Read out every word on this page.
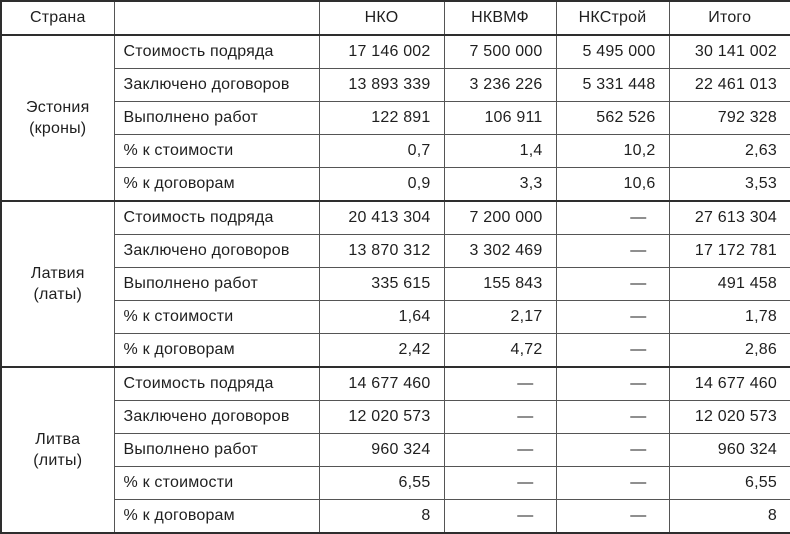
Страна		НКО	НКВМФ	НКСтрой	Итого

Эстония
(кроны)	Стоимость подряда	17 146 002	7 500 000	5 495 000	30 141 002
	Заключено договоров	13 893 339	3 236 226	5 331 448	22 461 013
	Выполнено работ	122 891	106 911	562 526	792 328
	% к стоимости	0,7	1,4	10,2	2,63
	% к договорам	0,9	3,3	10,6	3,53

Латвия
(латы)	Стоимость подряда	20 413 304	7 200 000	—	27 613 304
	Заключено договоров	13 870 312	3 302 469	—	17 172 781
	Выполнено работ	335 615	155 843	—	491 458
	% к стоимости	1,64	2,17	—	1,78
	% к договорам	2,42	4,72	—	2,86

Литва
(литы)	Стоимость подряда	14 677 460	—	—	14 677 460
	Заключено договоров	12 020 573	—	—	12 020 573
	Выполнено работ	960 324	—	—	960 324
	% к стоимости	6,55	—	—	6,55
	% к договорам	8	—	—	8
